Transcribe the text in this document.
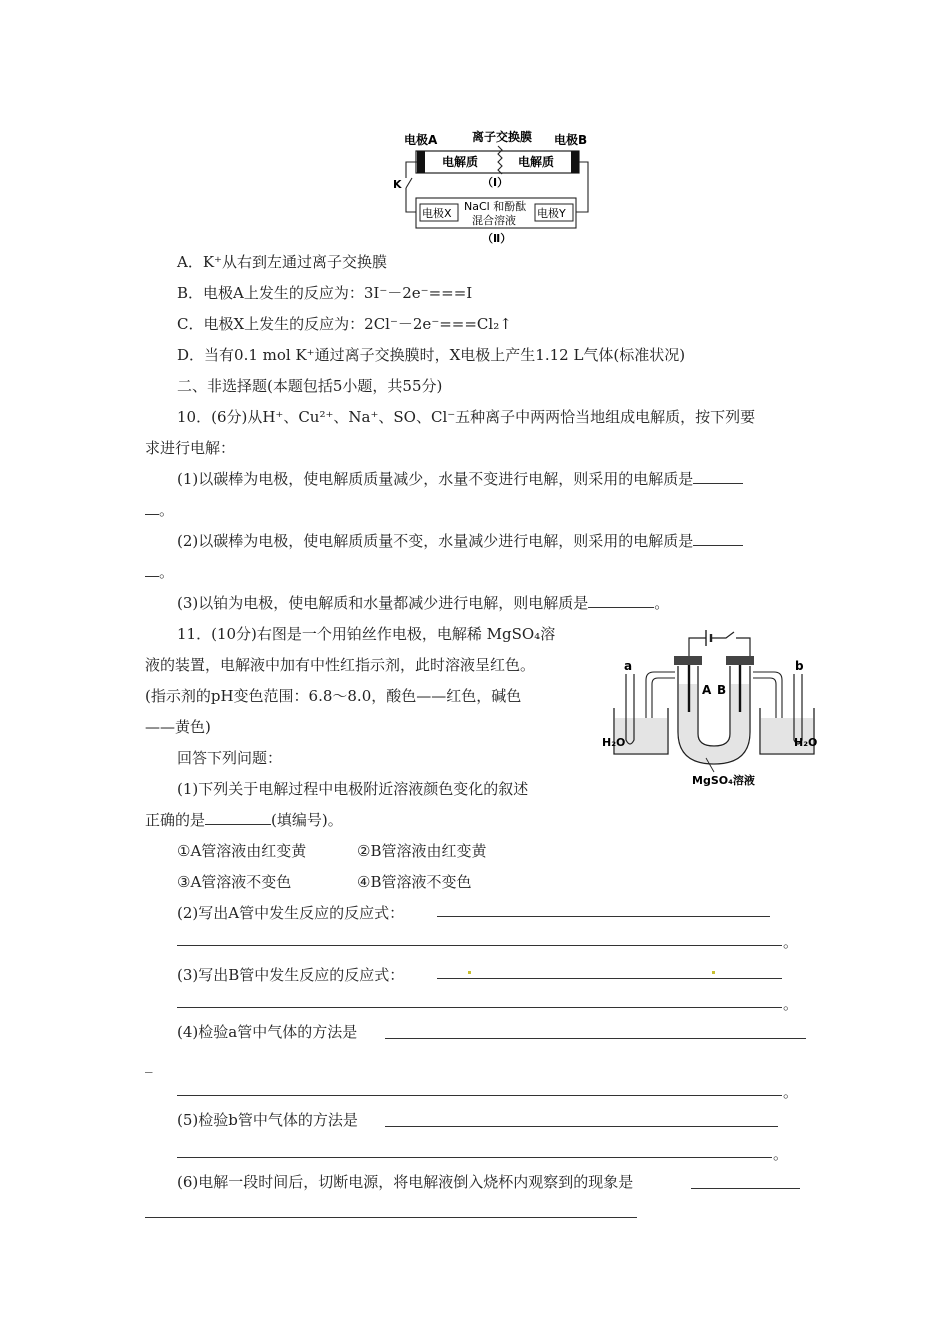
电极A	离子交换膜 电极B
电解质	电解质
（Ⅰ）
K
电极X	电极Y
NaCl 和酚酞
混合溶液
（Ⅱ）
A．K⁺从右到左通过离子交换膜
B．电极A上发生的反应为：3I⁻－2e⁻===I
C．电极X上发生的反应为：2Cl⁻－2e⁻===Cl₂↑
D．当有0.1 mol K⁺通过离子交换膜时，X电极上产生1.12 L气体(标准状况)
二、非选择题(本题包括5小题，共55分)
10．(6分)从H⁺、Cu²⁺、Na⁺、SO、Cl⁻五种离子中两两恰当地组成电解质，按下列要
求进行电解：
(1)以碳棒为电极，使电解质质量减少，水量不变进行电解，则采用的电解质是
。
(2)以碳棒为电极，使电解质质量不变，水量减少进行电解，则采用的电解质是
。
(3)以铂为电极，使电解质和水量都减少进行电解，则电解质是	。
11．(10分)右图是一个用铂丝作电极，电解稀 MgSO₄溶
液的装置，电解液中加有中性红指示剂，此时溶液呈红色。
(指示剂的pH变色范围：6.8～8.0，酸色——红色，碱色
——黄色)
回答下列问题：
(1)下列关于电解过程中电极附近溶液颜色变化的叙述
正确的是	(填编号)。
①A管溶液由红变黄	②B管溶液由红变黄
③A管溶液不变色	④B管溶液不变色
(2)写出A管中发生反应的反应式：
。
(3)写出B管中发生反应的反应式：
。
(4)检验a管中气体的方法是
_
。
(5)检验b管中气体的方法是
。
(6)电解一段时间后，切断电源，将电解液倒入烧杯内观察到的现象是
a	b
A B
H₂O	H₂O
MgSO₄溶液
